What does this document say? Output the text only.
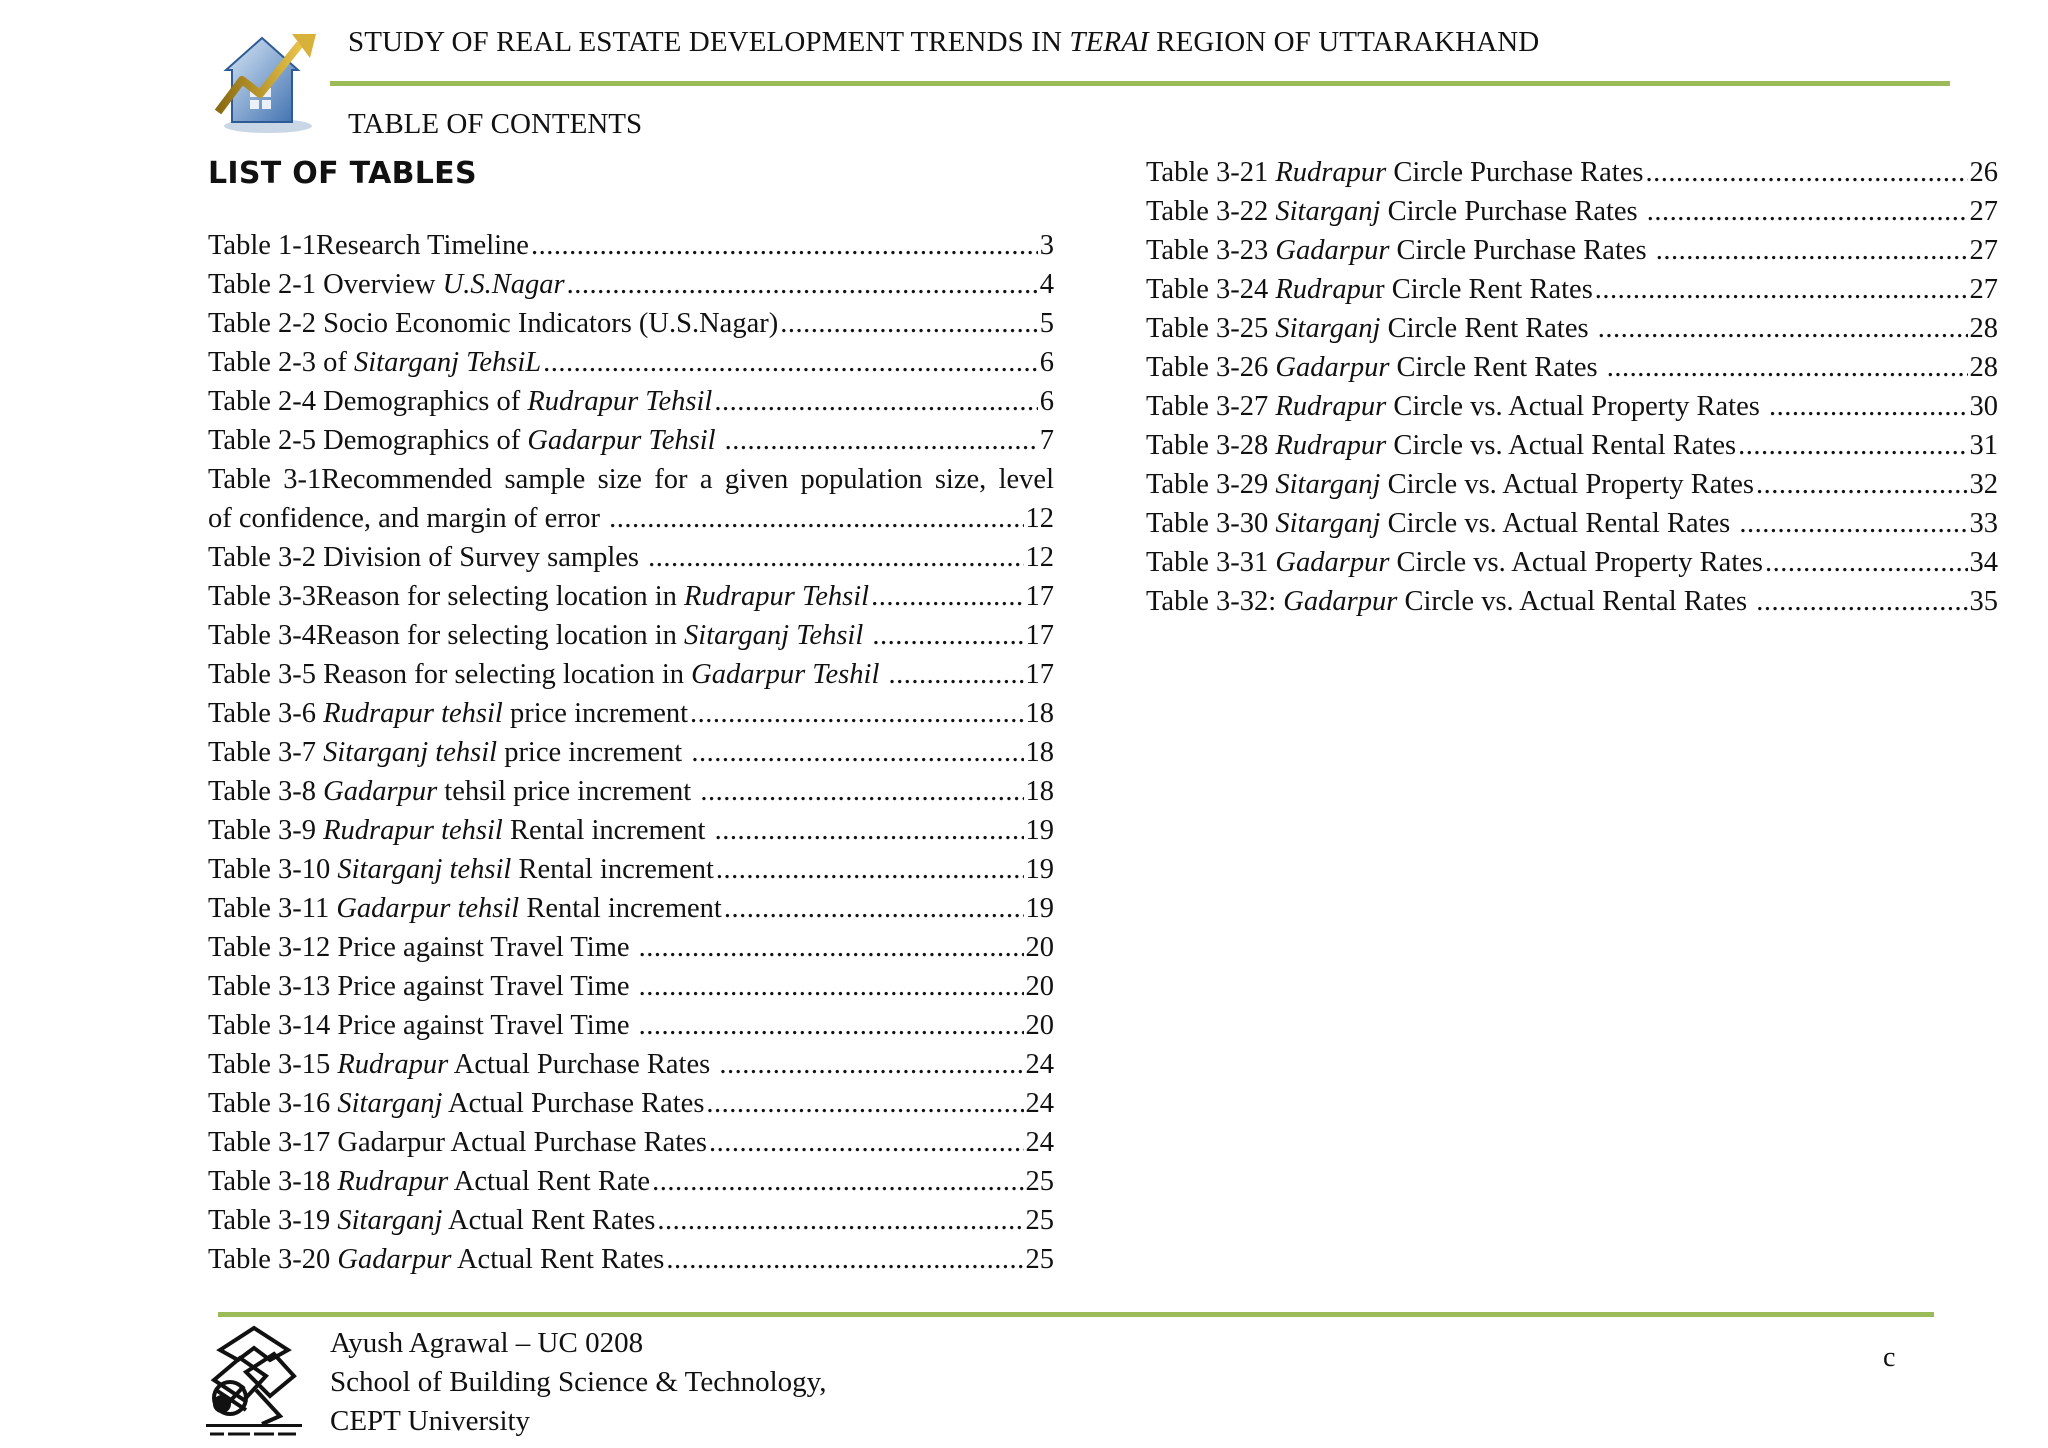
STUDY OF REAL ESTATE DEVELOPMENT TRENDS IN TERAI REGION OF UTTARAKHAND
TABLE OF CONTENTS
LIST OF TABLES
Table 1-1Research Timeline .....	3
Table 2-1 Overview U.S.Nagar .....	4
Table 2-2 Socio Economic Indicators (U.S.Nagar) .....	5
Table 2-3 of Sitarganj TehsiL .....	6
Table 2-4 Demographics of Rudrapur Tehsil .....	6
Table 2-5 Demographics of Gadarpur Tehsil .....	7
Table 3-1Recommended sample size for a given population size, level
of confidence, and margin of error .....	12
Table 3-2 Division of Survey samples .....	12
Table 3-3Reason for selecting location in Rudrapur Tehsil .....	17
Table 3-4Reason for selecting location in Sitarganj Tehsil .....	17
Table 3-5 Reason for selecting location in Gadarpur Teshil .....	17
Table 3-6 Rudrapur tehsil price increment .....	18
Table 3-7 Sitarganj tehsil price increment .....	18
Table 3-8 Gadarpur tehsil price increment .....	18
Table 3-9 Rudrapur tehsil Rental increment .....	19
Table 3-10 Sitarganj tehsil Rental increment .....	19
Table 3-11 Gadarpur tehsil Rental increment .....	19
Table 3-12 Price against Travel Time .....	20
Table 3-13 Price against Travel Time .....	20
Table 3-14 Price against Travel Time .....	20
Table 3-15 Rudrapur Actual Purchase Rates .....	24
Table 3-16 Sitarganj Actual Purchase Rates .....	24
Table 3-17 Gadarpur Actual Purchase Rates .....	24
Table 3-18 Rudrapur Actual Rent Rate .....	25
Table 3-19 Sitarganj Actual Rent Rates .....	25
Table 3-20 Gadarpur Actual Rent Rates .....	25
Table 3-21 Rudrapur Circle Purchase Rates .....	26
Table 3-22 Sitarganj Circle Purchase Rates .....	27
Table 3-23 Gadarpur Circle Purchase Rates .....	27
Table 3-24 Rudrapur Circle Rent Rates .....	27
Table 3-25 Sitarganj Circle Rent Rates .....	28
Table 3-26 Gadarpur Circle Rent Rates .....	28
Table 3-27 Rudrapur Circle vs. Actual Property Rates .....	30
Table 3-28 Rudrapur Circle vs. Actual Rental Rates .....	31
Table 3-29 Sitarganj Circle vs. Actual Property Rates .....	32
Table 3-30 Sitarganj Circle vs. Actual Rental Rates .....	33
Table 3-31 Gadarpur Circle vs. Actual Property Rates .....	34
Table 3-32: Gadarpur Circle vs. Actual Rental Rates .....	35
Ayush Agrawal – UC 0208
School of Building Science & Technology,
CEPT University
c
